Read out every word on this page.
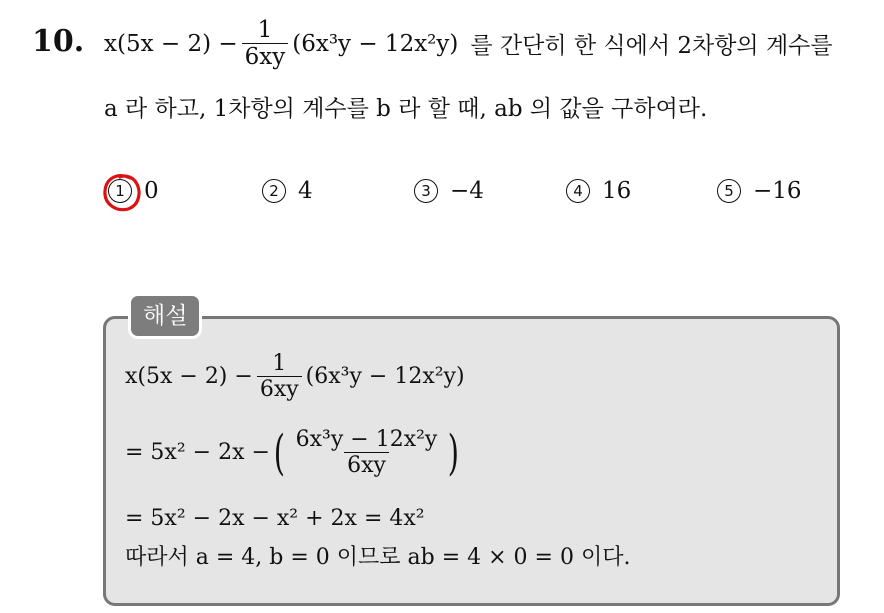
10. $x(5x - 2) - \frac{1}{6xy} (6x^3y - 12x^2y)$ 를 간단히 한 식에서 2차항의 계수를
a 라 하고, 1차항의 계수를 b 라 할 때, ab 의 값을 구하여라.
1 0	2 4	3 −4	4 16	5 −16
해설
$x(5x - 2) - \frac{1}{6xy} (6x^3y - 12x^2y)$
= 5x² − 2x − ( $\frac{\text{6x³y − 12x²y}}{6xy}$ )
= 5x² − 2x − x² + 2x = 4x²
따라서 a = 4, b = 0 이므로 ab = 4 × 0 = 0 이다.
